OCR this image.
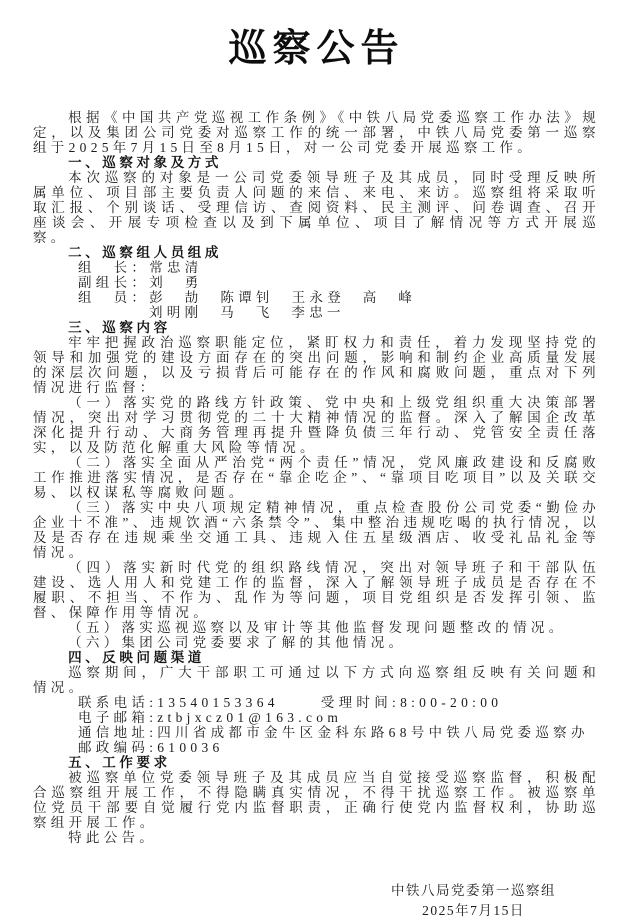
巡察公告

根据《中国共产党巡视工作条例》《中铁八局党委巡察工作办法》规定，以及集团公司党委对巡察工作的统一部署，中铁八局党委第一巡察组于2025年7月15日至8月15日，对一公司党委开展巡察工作。

一、巡察对象及方式

本次巡察的对象是一公司党委领导班子及其成员，同时受理反映所属单位、项目部主要负责人问题的来信、来电、来访。巡察组将采取听取汇报、个别谈话、受理信访、查阅资料、民主测评、问卷调查、召开座谈会、开展专项检查以及到下属单位、项目了解情况等方式开展巡察。

二、巡察组人员组成

组　长：常忠清

副组长：刘　勇

组　员：彭　劼　陈谭钊　王永登　高　峰

刘明刚　马　飞　李忠一

三、巡察内容

牢牢把握政治巡察职能定位，紧盯权力和责任，着力发现坚持党的领导和加强党的建设方面存在的突出问题，影响和制约企业高质量发展的深层次问题，以及亏损背后可能存在的作风和腐败问题，重点对下列情况进行监督：

（一）落实党的路线方针政策、党中央和上级党组织重大决策部署情况，突出对学习贯彻党的二十大精神情况的监督。深入了解国企改革深化提升行动、大商务管理再提升暨降负债三年行动、党管安全责任落实，以及防范化解重大风险等情况。

（二）落实全面从严治党“两个责任”情况，党风廉政建设和反腐败工作推进落实情况，是否存在“靠企吃企”、“靠项目吃项目”以及关联交易、以权谋私等腐败问题。

（三）落实中央八项规定精神情况，重点检查股份公司党委“勤俭办企业十不准”、违规饮酒“六条禁令”、集中整治违规吃喝的执行情况，以及是否存在违规乘坐交通工具、违规入住五星级酒店、收受礼品礼金等情况。

（四）落实新时代党的组织路线情况，突出对领导班子和干部队伍建设、选人用人和党建工作的监督，深入了解领导班子成员是否存在不履职、不担当、不作为、乱作为等问题，项目党组织是否发挥引领、监督、保障作用等情况。

（五）落实巡视巡察以及审计等其他监督发现问题整改的情况。

（六）集团公司党委要求了解的其他情况。

四、反映问题渠道

巡察期间，广大干部职工可通过以下方式向巡察组反映有关问题和情况。

联系电话:13540153364	受理时间:8:00-20:00

电子邮箱:ztbjxcz01@163.com

通信地址:四川省成都市金牛区金科东路68号中铁八局党委巡察办

邮政编码:610036

五、工作要求

被巡察单位党委领导班子及其成员应当自觉接受巡察监督，积极配合巡察组开展工作，不得隐瞒真实情况，不得干扰巡察工作。被巡察单位党员干部要自觉履行党内监督职责，正确行使党内监督权利，协助巡察组开展工作。

特此公告。

中铁八局党委第一巡察组
2025年7月15日
